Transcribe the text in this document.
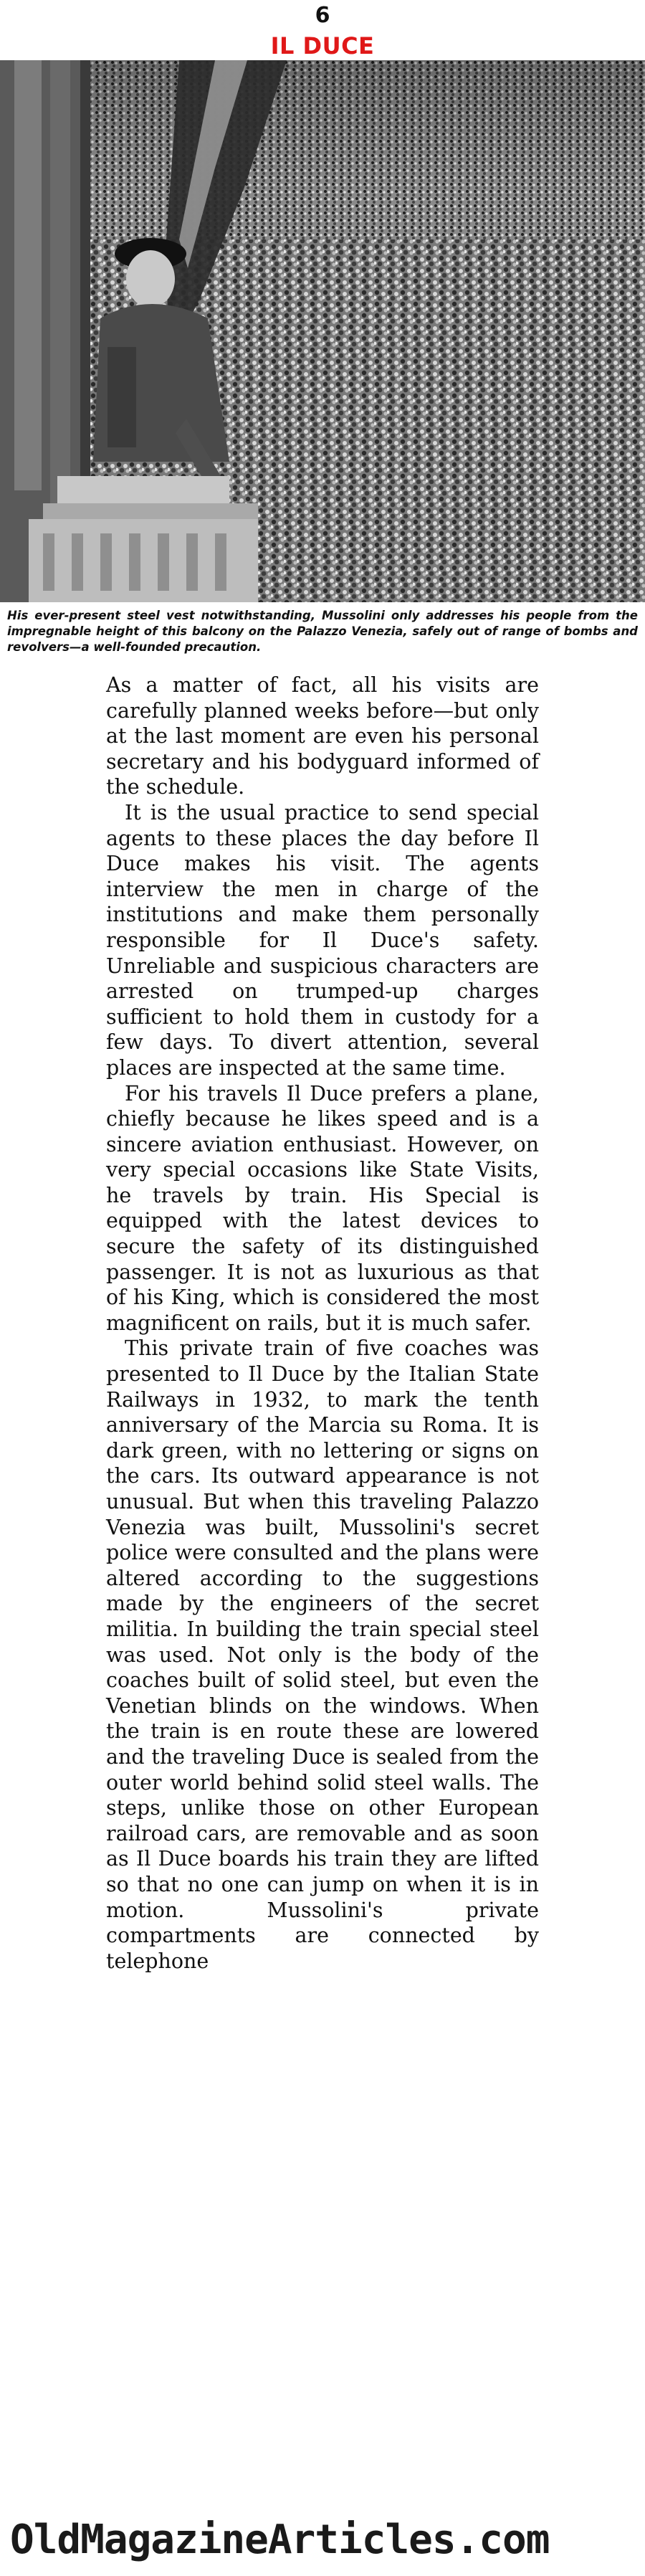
6
IL DUCE
His ever-present steel vest notwithstanding, Mussolini only addresses his people from the impregnable height of this balcony on the Palazzo Venezia, safely out of range of bombs and revolvers—a well-founded precaution.

As a matter of fact, all his visits are carefully planned weeks before—but only at the last moment are even his personal secretary and his bodyguard informed of the schedule.

It is the usual practice to send special agents to these places the day before Il Duce makes his visit. The agents interview the men in charge of the institutions and make them personally responsible for Il Duce's safety. Unreliable and suspicious characters are arrested on trumped-up charges sufficient to hold them in custody for a few days. To divert attention, several places are inspected at the same time.

For his travels Il Duce prefers a plane, chiefly because he likes speed and is a sincere aviation enthusiast. However, on very special occasions like State Visits, he travels by train. His Special is equipped with the latest devices to secure the safety of its distinguished passenger. It is not as luxurious as that of his King, which is considered the most magnificent on rails, but it is much safer.

This private train of five coaches was presented to Il Duce by the Italian State Railways in 1932, to mark the tenth anniversary of the Marcia su Roma. It is dark green, with no lettering or signs on the cars. Its outward appearance is not unusual. But when this traveling Palazzo Venezia was built, Mussolini's secret police were consulted and the plans were altered according to the suggestions made by the engineers of the secret militia. In building the train special steel was used. Not only is the body of the coaches built of solid steel, but even the Venetian blinds on the windows. When the train is en route these are lowered and the traveling Duce is sealed from the outer world behind solid steel walls. The steps, unlike those on other European railroad cars, are removable and as soon as Il Duce boards his train they are lifted so that no one can jump on when it is in motion. Mussolini's private compartments are connected by telephone

OldMagazineArticles.com
